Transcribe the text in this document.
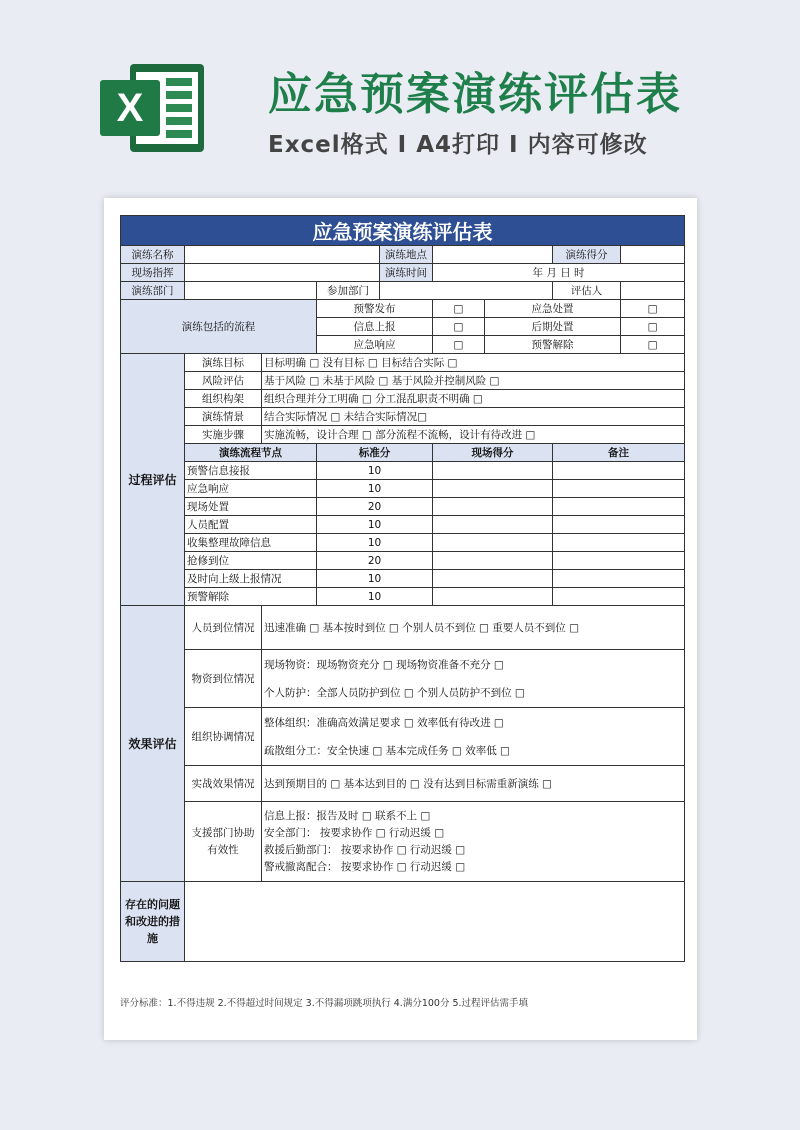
X	应急预案演练评估表
Excel格式 I A4打印 I 内容可修改
应急预案演练评估表								
演练名称				演练地点			演练得分	
现场指挥				演练时间	年 月 日 时			
演练部门			参加部门				评估人	
演练包括的流程			预警发布		□	应急处置		□
			信息上报		□	后期处置		□
			应急响应		□	预警解除		□
过程评估	演练目标	目标明确 □ 没有目标 □ 目标结合实际 □						
	风险评估	基于风险 □ 未基于风险 □ 基于风险并控制风险 □						
	组织构架	组织合理并分工明确 □ 分工混乱职责不明确 □						
	演练情景	结合实际情况 □ 未结合实际情况□						
	实施步骤	实施流畅，设计合理 □ 部分流程不流畅，设计有待改进 □						
	演练流程节点		标准分		现场得分		备注	
	预警信息接报		10					
	应急响应		10					
	现场处置		20					
	人员配置		10					
	收集整理故障信息		10					
	抢修到位		20					
	及时向上级上报情况		10					
	预警解除		10					
效果评估	人员到位情况	迅速准确 □ 基本按时到位 □ 个别人员不到位 □ 重要人员不到位 □						
	物资到位情况	现场物资：现场物资充分 □ 现场物资准备不充分 □
个人防护：全部人员防护到位 □ 个别人员防护不到位 □						

	组织协调情况	整体组织：准确高效满足要求 □ 效率低有待改进 □
疏散组分工：安全快速 □ 基本完成任务 □ 效率低 □						

	实战效果情况	达到预期目的 □ 基本达到目的 □ 没有达到目标需重新演练 □						
	支援部门协助有效性	信息上报：报告及时 □ 联系不上 □
安全部门： 按要求协作 □ 行动迟缓 □
救援后勤部门： 按要求协作 □ 行动迟缓 □
警戒撤离配合： 按要求协作 □ 行动迟缓 □						

存在的问题和改进的措施								
评分标准：1.不得违规 2.不得超过时间规定 3.不得漏项跳项执行 4.满分100分 5.过程评估需手填
